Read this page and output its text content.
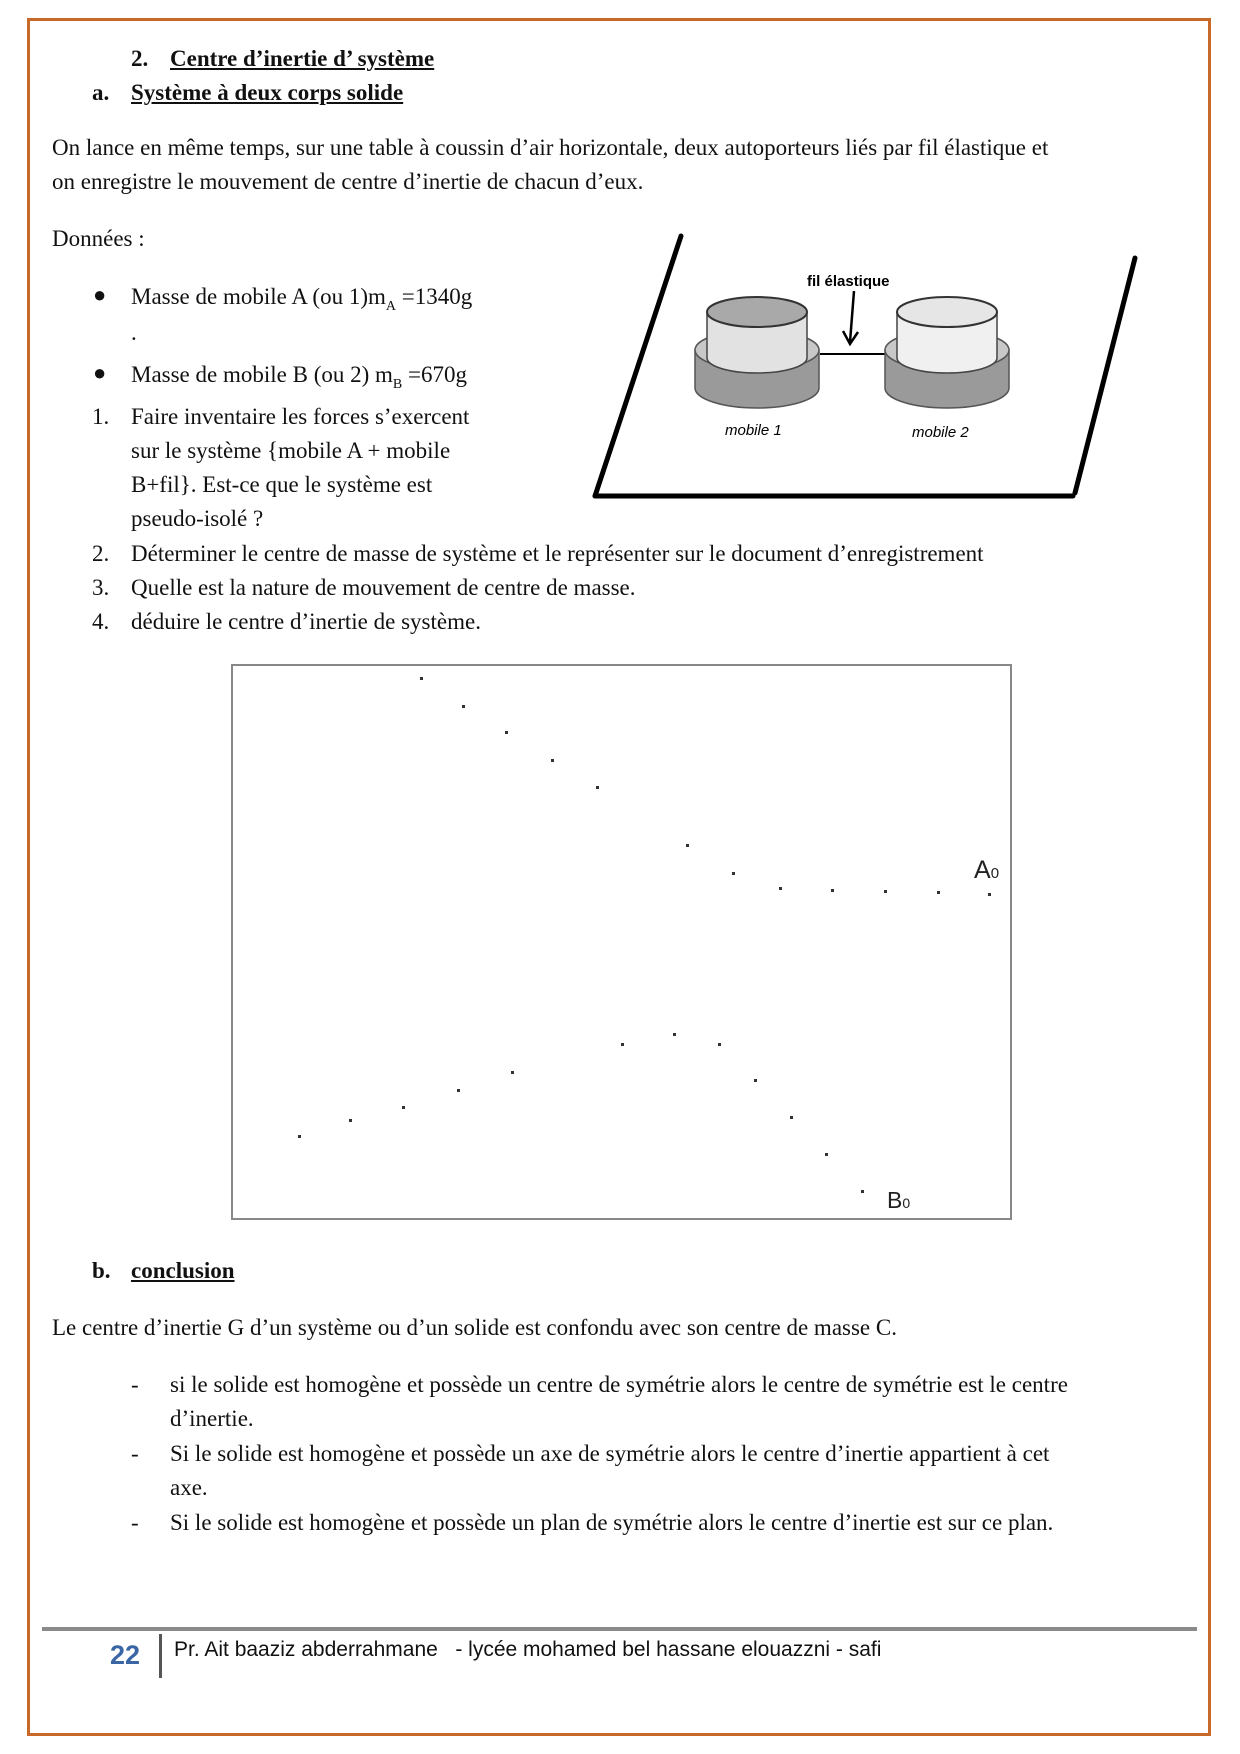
2. Centre d’inertie d’ système
a. Système à deux corps solide
On lance en même temps, sur une table à coussin d’air horizontale, deux autoporteurs liés par fil élastique et
on enregistre le mouvement de centre d’inertie de chacun d’eux.
Données :
● Masse de mobile A (ou $1)m_A =1340g$
.
● Masse de mobile B (ou 2) $m_B =670g$
1. Faire inventaire les forces s’exercent
sur le système {mobile A + mobile
B+fil}. Est-ce que le système est
pseudo-isolé ?
2. Déterminer le centre de masse de système et le représenter sur le document d’enregistrement
3. Quelle est la nature de mouvement de centre de masse.
4. déduire le centre d’inertie de système.
fil élastique
mobile 1	mobile 2
A0
B0
b. conclusion
Le centre d’inertie G d’un système ou d’un solide est confondu avec son centre de masse C.
- si le solide est homogène et possède un centre de symétrie alors le centre de symétrie est le centre
d’inertie.
- Si le solide est homogène et possède un axe de symétrie alors le centre d’inertie appartient à cet
axe.
- Si le solide est homogène et possède un plan de symétrie alors le centre d’inertie est sur ce plan.
22 Pr. Ait baaziz abderrahmane   - lycée mohamed bel hassane elouazzni - safi
